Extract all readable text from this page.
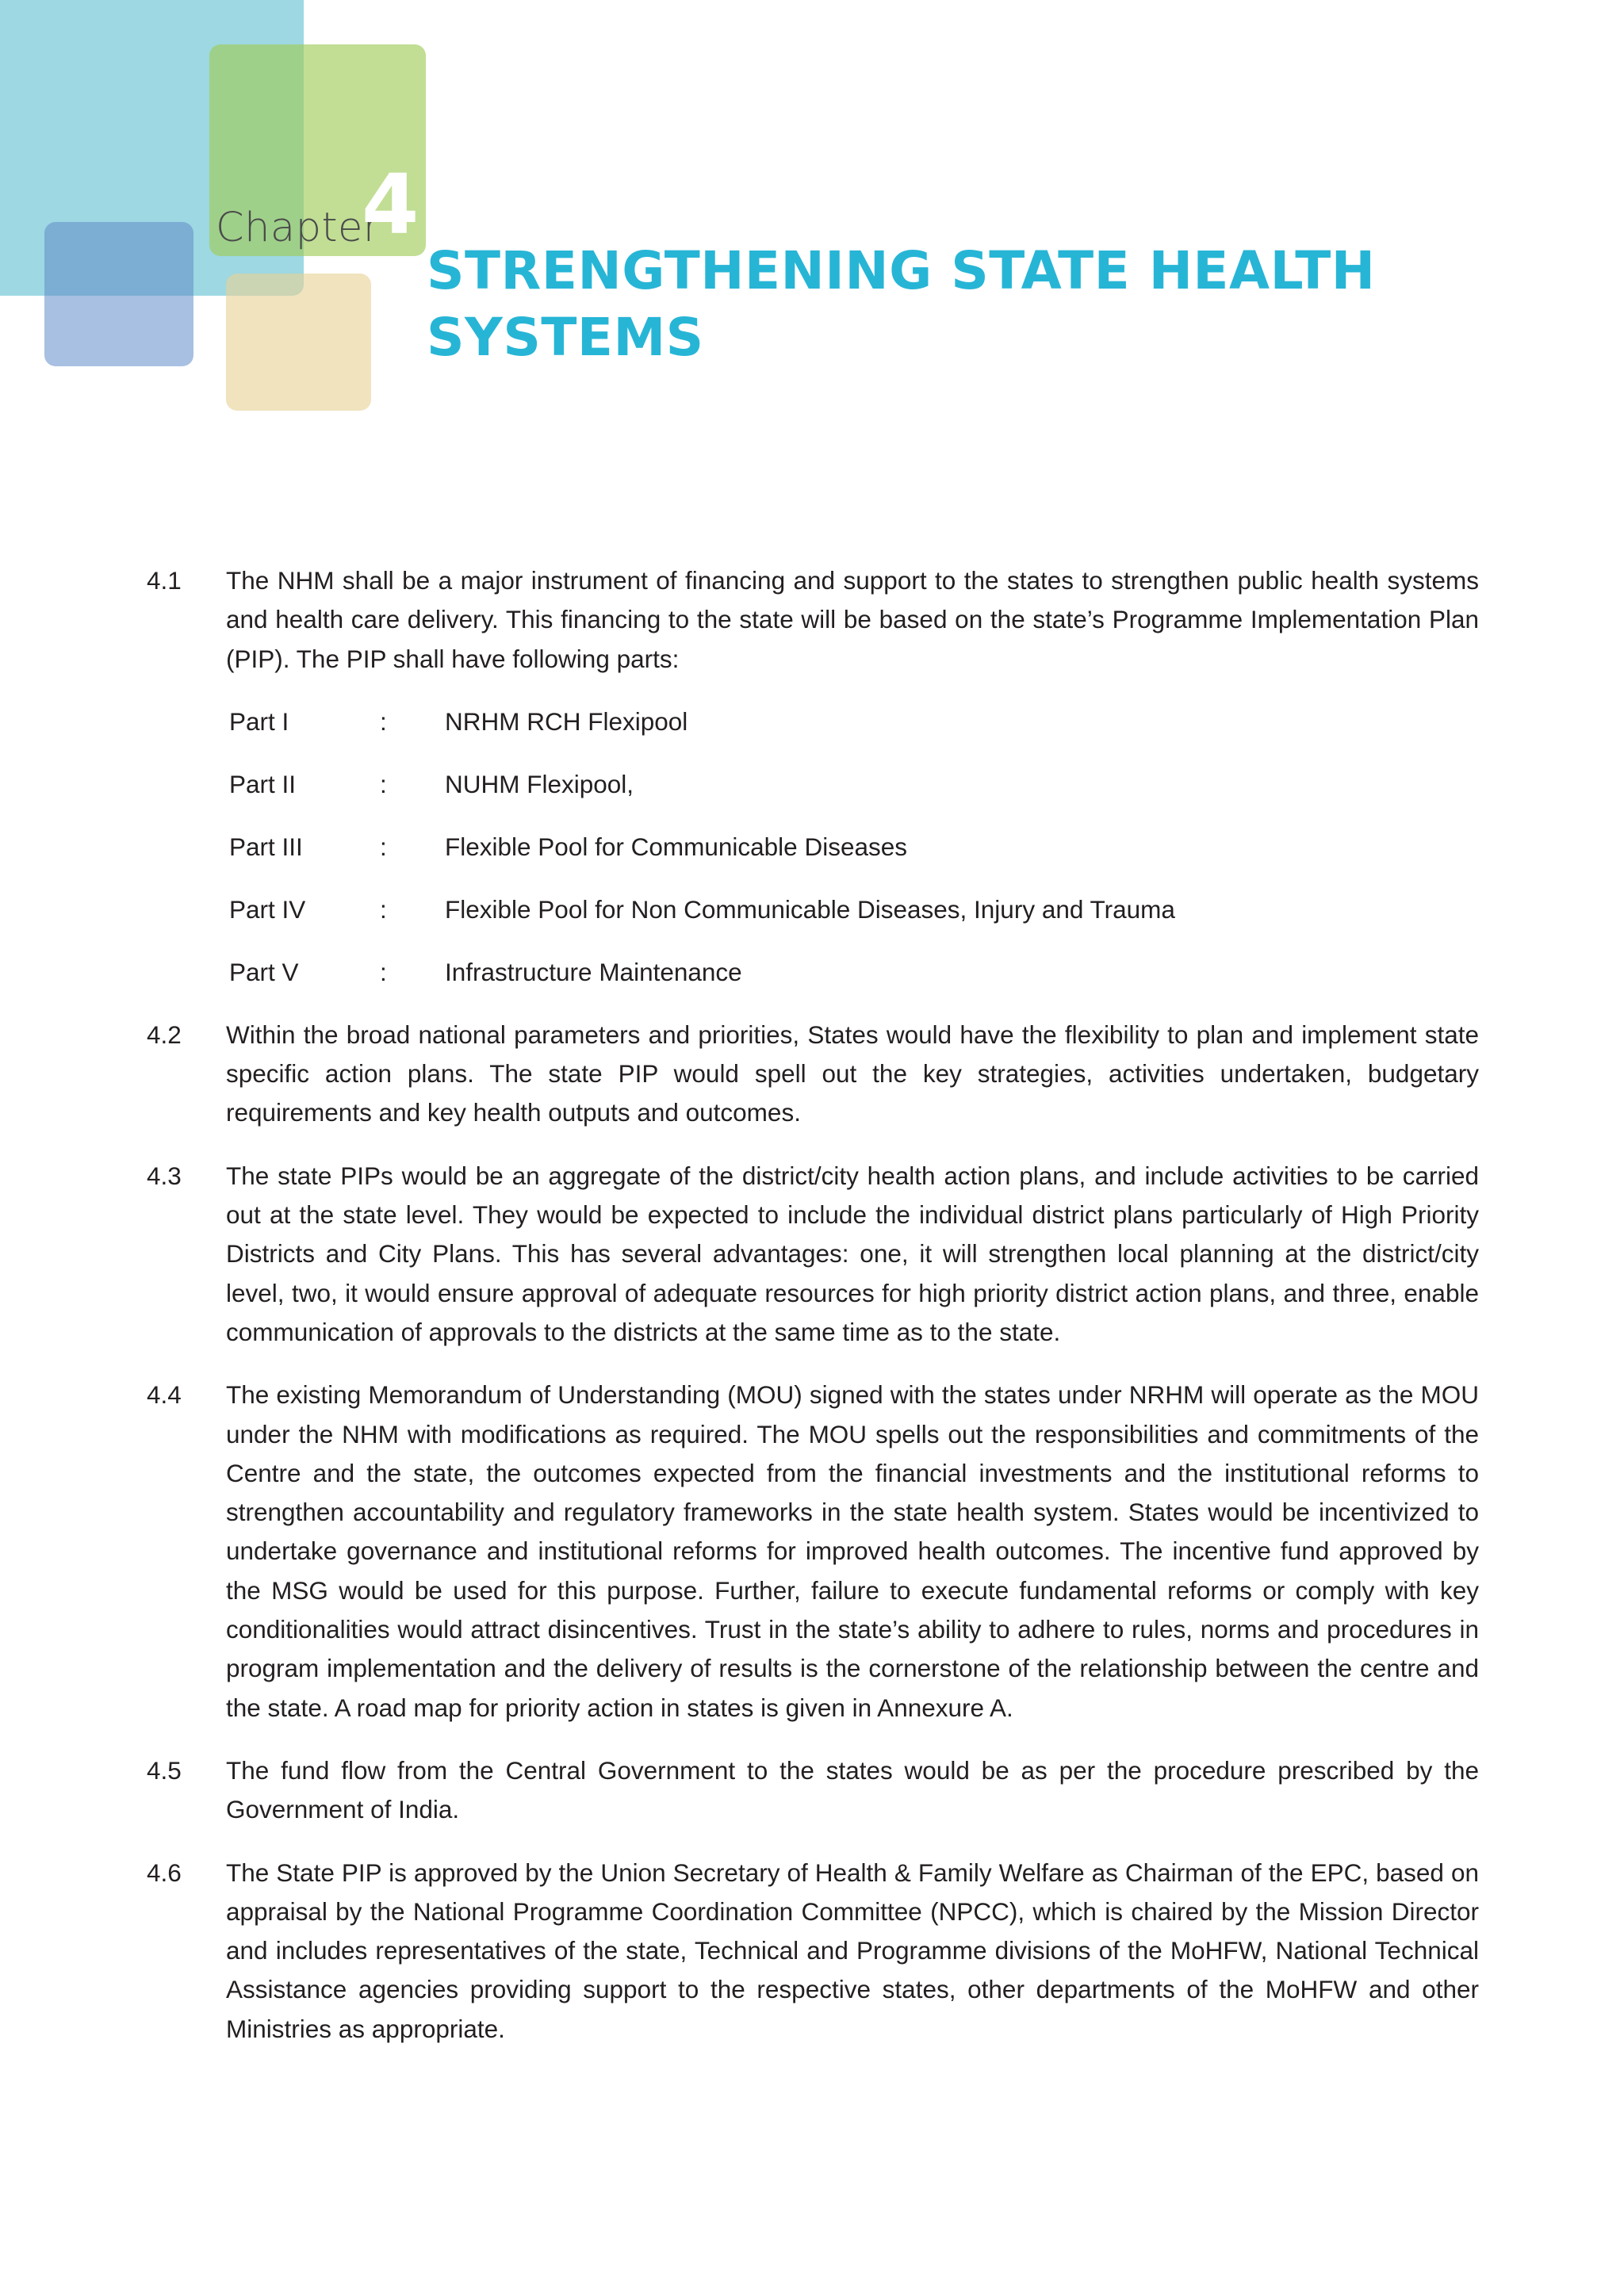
Chapter
4
STRENGTHENING STATE HEALTH SYSTEMS
4.1 The NHM shall be a major instrument of financing and support to the states to strengthen public health systems and health care delivery. This financing to the state will be based on the state’s Programme Implementation Plan (PIP). The PIP shall have following parts:
Part I	:	NRHM RCH Flexipool
Part II	:	NUHM Flexipool,
Part III	:	Flexible Pool for Communicable Diseases
Part IV	:	Flexible Pool for Non Communicable Diseases, Injury and Trauma
Part V	:	Infrastructure Maintenance
4.2 Within the broad national parameters and priorities, States would have the flexibility to plan and implement state specific action plans. The state PIP would spell out the key strategies, activities undertaken, budgetary requirements and key health outputs and outcomes.
4.3 The state PIPs would be an aggregate of the district/city health action plans, and include activities to be carried out at the state level. They would be expected to include the individual district plans particularly of High Priority Districts and City Plans. This has several advantages: one, it will strengthen local planning at the district/city level, two, it would ensure approval of adequate resources for high priority district action plans, and three, enable communication of approvals to the districts at the same time as to the state.
4.4 The existing Memorandum of Understanding (MOU) signed with the states under NRHM will operate as the MOU under the NHM with modifications as required. The MOU spells out the responsibilities and commitments of the Centre and the state, the outcomes expected from the financial investments and the institutional reforms to strengthen accountability and regulatory frameworks in the state health system. States would be incentivized to undertake governance and institutional reforms for improved health outcomes. The incentive fund approved by the MSG would be used for this purpose. Further, failure to execute fundamental reforms or comply with key conditionalities would attract disincentives. Trust in the state’s ability to adhere to rules, norms and procedures in program implementation and the delivery of results is the cornerstone of the relationship between the centre and the state. A road map for priority action in states is given in Annexure A.
4.5 The fund flow from the Central Government to the states would be as per the procedure prescribed by the Government of India.
4.6 The State PIP is approved by the Union Secretary of Health & Family Welfare as Chairman of the EPC, based on appraisal by the National Programme Coordination Committee (NPCC), which is chaired by the Mission Director and includes representatives of the state, Technical and Programme divisions of the MoHFW, National Technical Assistance agencies providing support to the respective states, other departments of the MoHFW and other Ministries as appropriate.
